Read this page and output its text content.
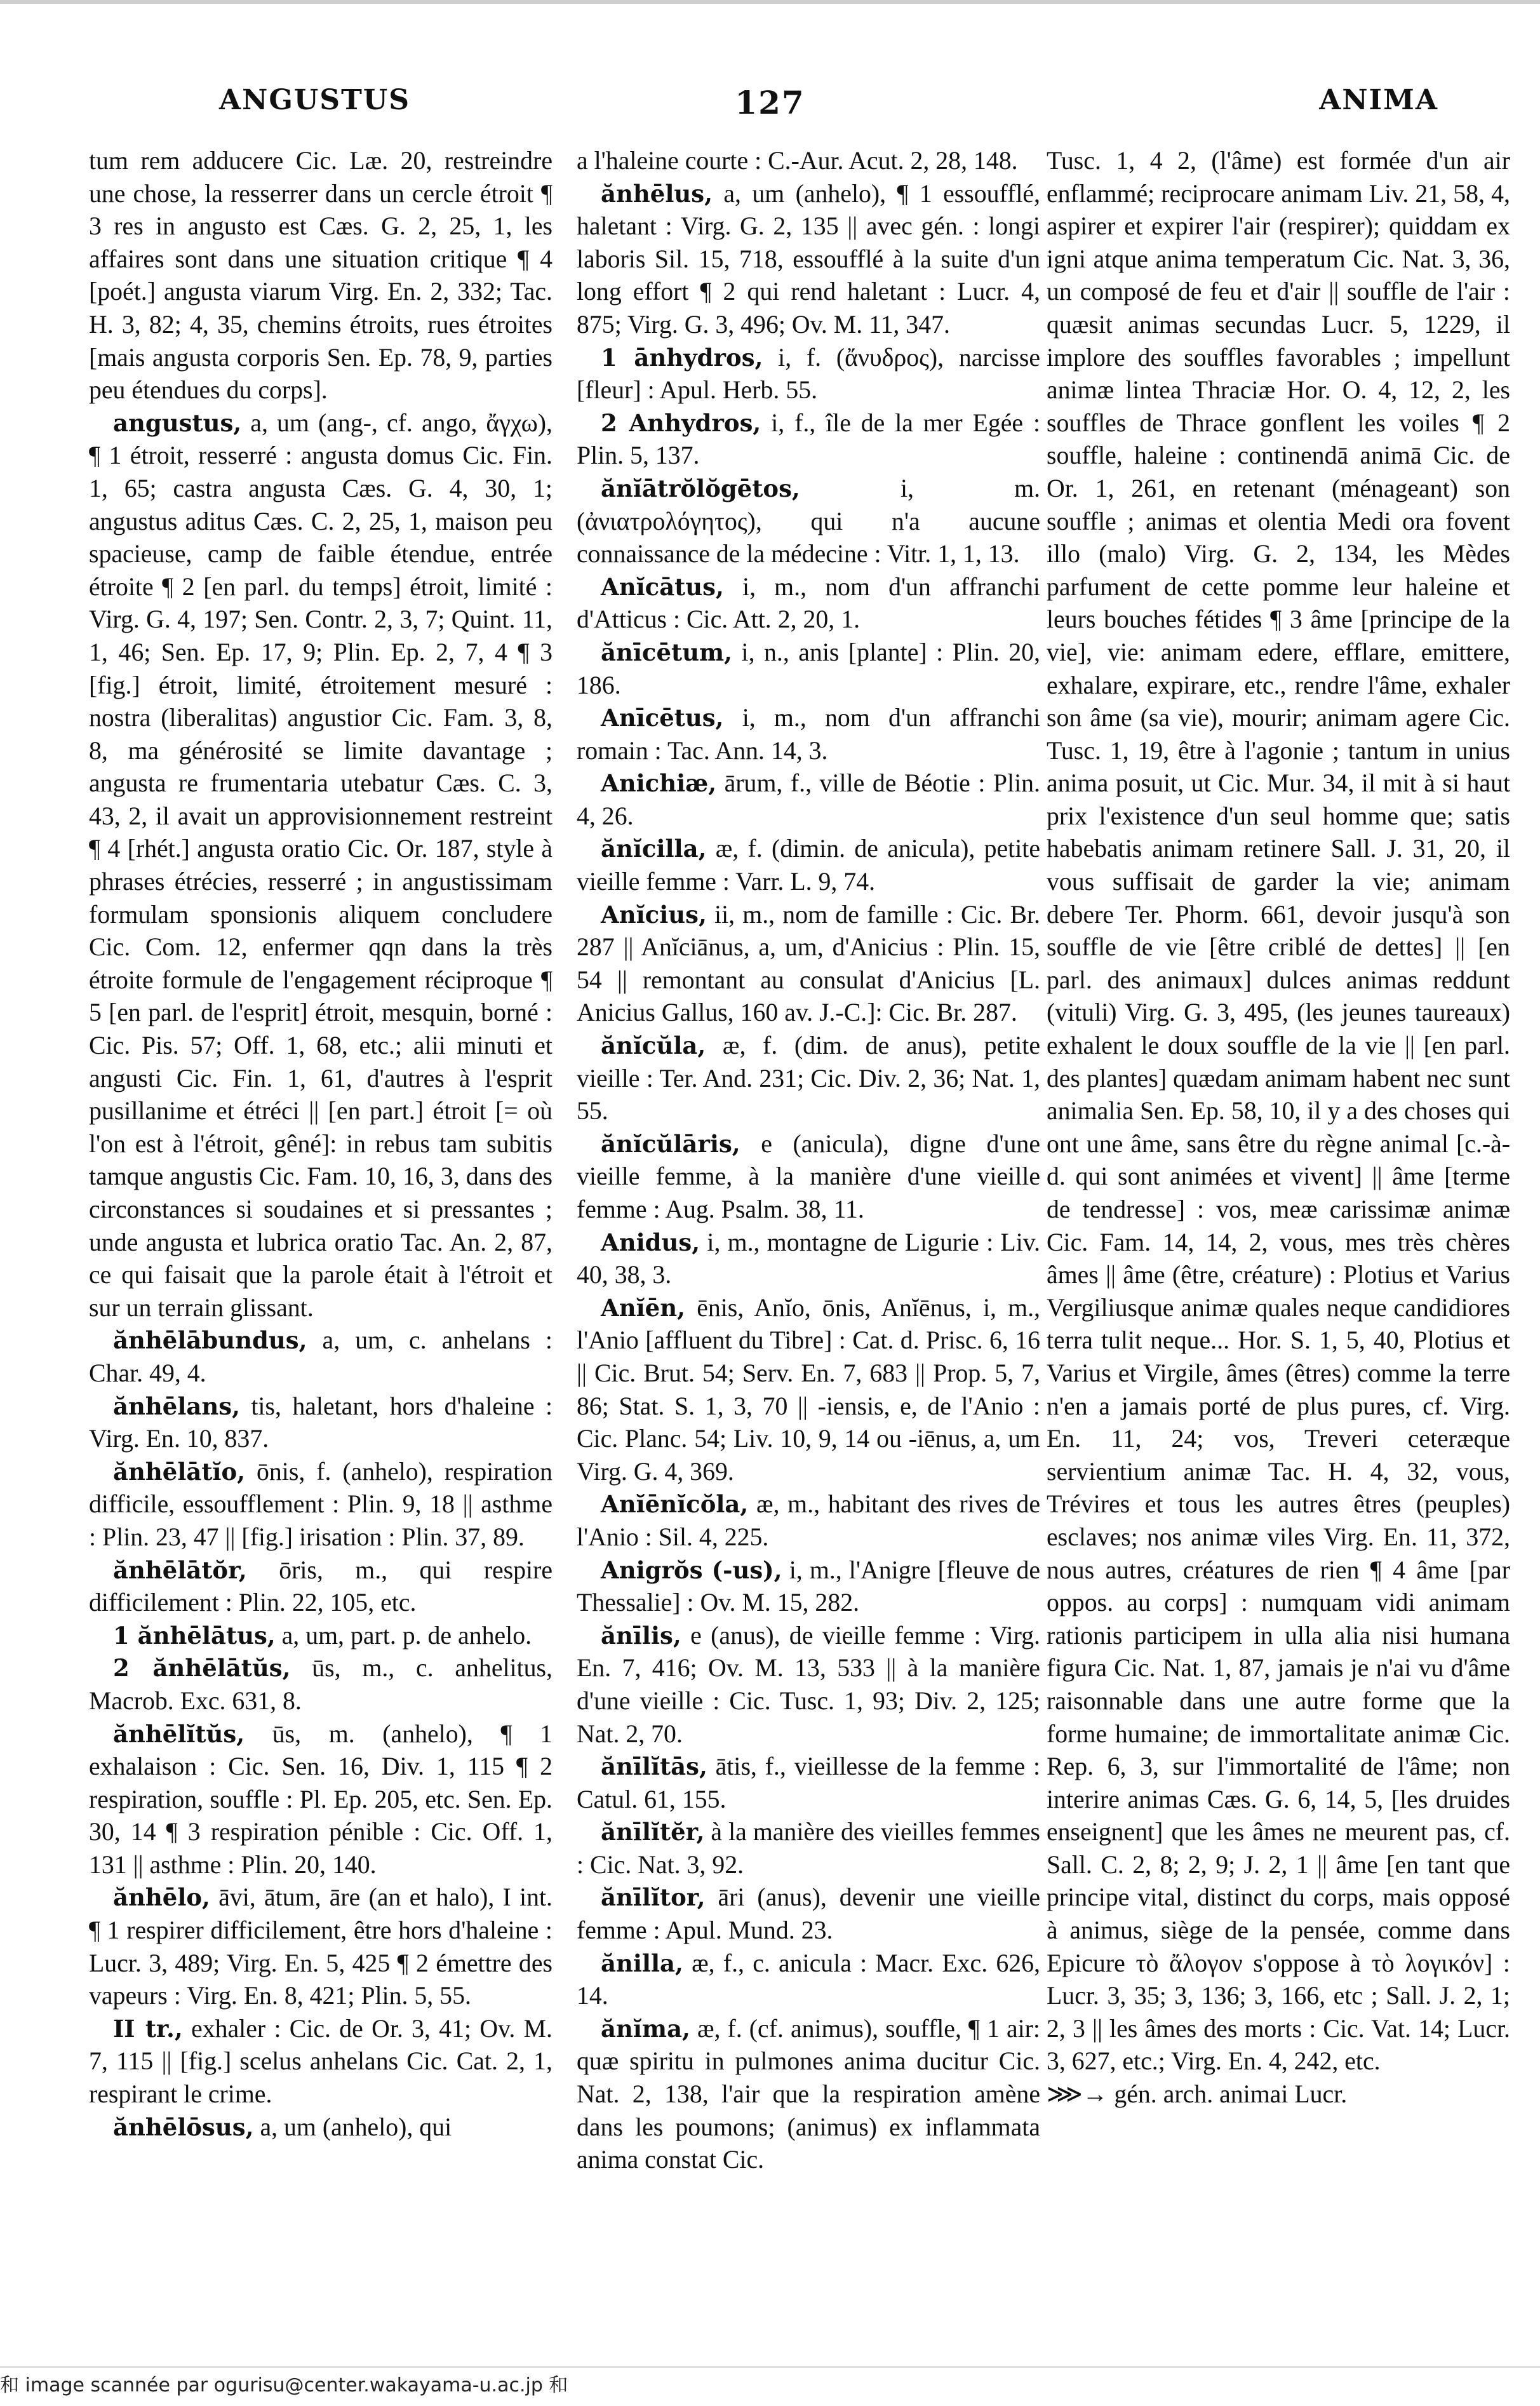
ANGUSTUS	127	ANIMA

tum rem adducere Cic. Læ. 20, restreindre une chose, la resserrer dans un cercle étroit ¶ 3 res in angusto est Cæs. G. 2, 25, 1, les affaires sont dans une situation critique ¶ 4 [poét.] angusta viarum Virg. En. 2, 332; Tac. H. 3, 82; 4, 35, chemins étroits, rues étroites [mais angusta corporis Sen. Ep. 78, 9, parties peu étendues du corps].

angustus, a, um (ang-, cf. ango, ἄγχω), ¶ 1 étroit, resserré : angusta domus Cic. Fin. 1, 65; castra angusta Cæs. G. 4, 30, 1; angustus aditus Cæs. C. 2, 25, 1, maison peu spacieuse, camp de faible étendue, entrée étroite ¶ 2 [en parl. du temps] étroit, limité : Virg. G. 4, 197; Sen. Contr. 2, 3, 7; Quint. 11, 1, 46; Sen. Ep. 17, 9; Plin. Ep. 2, 7, 4 ¶ 3 [fig.] étroit, limité, étroitement mesuré : nostra (liberalitas) angustior Cic. Fam. 3, 8, 8, ma générosité se limite davantage ; angusta re frumentaria utebatur Cæs. C. 3, 43, 2, il avait un approvisionnement restreint ¶ 4 [rhét.] angusta oratio Cic. Or. 187, style à phrases étrécies, resserré ; in angustissimam formulam sponsionis aliquem concludere Cic. Com. 12, enfermer qqn dans la très étroite formule de l'engagement réciproque ¶ 5 [en parl. de l'esprit] étroit, mesquin, borné : Cic. Pis. 57; Off. 1, 68, etc.; alii minuti et angusti Cic. Fin. 1, 61, d'autres à l'esprit pusillanime et étréci || [en part.] étroit [= où l'on est à l'étroit, gêné]: in rebus tam subitis tamque angustis Cic. Fam. 10, 16, 3, dans des circonstances si soudaines et si pressantes ; unde angusta et lubrica oratio Tac. An. 2, 87, ce qui faisait que la parole était à l'étroit et sur un terrain glissant.

ănhēlābundus, a, um, c. anhelans : Char. 49, 4.

ănhēlans, tis, haletant, hors d'haleine : Virg. En. 10, 837.

ănhēlātĭo, ōnis, f. (anhelo), respiration difficile, essoufflement : Plin. 9, 18 || asthme : Plin. 23, 47 || [fig.] irisation : Plin. 37, 89.

ănhēlātŏr, ōris, m., qui respire difficilement : Plin. 22, 105, etc.

1 ănhēlātus, a, um, part. p. de anhelo.

2 ănhēlātŭs, ūs, m., c. anhelitus, Macrob. Exc. 631, 8.

ănhēlĭtŭs, ūs, m. (anhelo), ¶ 1 exhalaison : Cic. Sen. 16, Div. 1, 115 ¶ 2 respiration, souffle : Pl. Ep. 205, etc. Sen. Ep. 30, 14 ¶ 3 respiration pénible : Cic. Off. 1, 131 || asthme : Plin. 20, 140.

ănhēlo, āvi, ātum, āre (an et halo), I int. ¶ 1 respirer difficilement, être hors d'haleine : Lucr. 3, 489; Virg. En. 5, 425 ¶ 2 émettre des vapeurs : Virg. En. 8, 421; Plin. 5, 55.

II tr., exhaler : Cic. de Or. 3, 41; Ov. M. 7, 115 || [fig.] scelus anhelans Cic. Cat. 2, 1, respirant le crime.

ănhēlōsus, a, um (anhelo), qui

a l'haleine courte : C.-Aur. Acut. 2, 28, 148.

ănhēlus, a, um (anhelo), ¶ 1 essoufflé, haletant : Virg. G. 2, 135 || avec gén. : longi laboris Sil. 15, 718, essoufflé à la suite d'un long effort ¶ 2 qui rend haletant : Lucr. 4, 875; Virg. G. 3, 496; Ov. M. 11, 347.

1 ānhydros, i, f. (ἄνυδρος), narcisse [fleur] : Apul. Herb. 55.

2 Anhydros, i, f., île de la mer Egée : Plin. 5, 137.

ănĭātrŏlŏgētos,	i, m. (ἀνιατρολόγητος), qui n'a aucune connaissance de la médecine : Vitr. 1, 1, 13.

Anĭcātus, i, m., nom d'un affranchi d'Atticus : Cic. Att. 2, 20, 1.

ănīcētum, i, n., anis [plante] : Plin. 20, 186.

Anīcētus, i, m., nom d'un affranchi romain : Tac. Ann. 14, 3.

Anichiæ, ārum, f., ville de Béotie : Plin. 4, 26.

ănĭcilla, æ, f. (dimin. de anicula), petite vieille femme : Varr. L. 9, 74.

Anĭcius, ii, m., nom de famille : Cic. Br. 287 || Anĭciānus, a, um, d'Anicius : Plin. 15, 54 || remontant au consulat d'Anicius [L. Anicius Gallus, 160 av. J.-C.]: Cic. Br. 287.

ănĭcŭla, æ, f. (dim. de anus), petite vieille : Ter. And. 231; Cic. Div. 2, 36; Nat. 1, 55.

ănĭcŭlāris, e (anicula), digne d'une vieille femme, à la manière d'une vieille femme : Aug. Psalm. 38, 11.

Anidus, i, m., montagne de Ligurie : Liv. 40, 38, 3.

Anĭēn, ēnis, Anĭo, ōnis, Anĭēnus, i, m., l'Anio [affluent du Tibre] : Cat. d. Prisc. 6, 16 || Cic. Brut. 54; Serv. En. 7, 683 || Prop. 5, 7, 86; Stat. S. 1, 3, 70 || -iensis, e, de l'Anio : Cic. Planc. 54; Liv. 10, 9, 14 ou -iēnus, a, um Virg. G. 4, 369.

Anĭēnĭcŏla, æ, m., habitant des rives de l'Anio : Sil. 4, 225.

Anigrŏs (-us), i, m., l'Anigre [fleuve de Thessalie] : Ov. M. 15, 282.

ănīlis, e (anus), de vieille femme : Virg. En. 7, 416; Ov. M. 13, 533 || à la manière d'une vieille : Cic. Tusc. 1, 93; Div. 2, 125; Nat. 2, 70.

ănīlĭtās, ātis, f., vieillesse de la femme : Catul. 61, 155.

ănīlĭtĕr, à la manière des vieilles femmes : Cic. Nat. 3, 92.

ănīlĭtor, āri (anus), devenir une vieille femme : Apul. Mund. 23.

ănilla, æ, f., c. anicula : Macr. Exc. 626, 14.

ănĭma, æ, f. (cf. animus), souffle, ¶ 1 air: quæ spiritu in pulmones anima ducitur Cic. Nat. 2, 138, l'air que la respiration amène dans les poumons; (animus) ex inflammata anima constat Cic.

Tusc. 1, 4 2, (l'âme) est formée d'un air enflammé; reciprocare animam Liv. 21, 58, 4, aspirer et expirer l'air (respirer); quiddam ex igni atque anima temperatum Cic. Nat. 3, 36, un composé de feu et d'air || souffle de l'air : quæsit animas secundas Lucr. 5, 1229, il implore des souffles favorables ; impellunt animæ lintea Thraciæ Hor. O. 4, 12, 2, les souffles de Thrace gonflent les voiles ¶ 2 souffle, haleine : continendā animā Cic. de Or. 1, 261, en retenant (ménageant) son souffle ; animas et olentia Medi ora fovent illo (malo) Virg. G. 2, 134, les Mèdes parfument de cette pomme leur haleine et leurs bouches fétides ¶ 3 âme [principe de la vie], vie: animam edere, efflare, emittere, exhalare, expirare, etc., rendre l'âme, exhaler son âme (sa vie), mourir; animam agere Cic. Tusc. 1, 19, être à l'agonie ; tantum in unius anima posuit, ut Cic. Mur. 34, il mit à si haut prix l'existence d'un seul homme que; satis habebatis animam retinere Sall. J. 31, 20, il vous suffisait de garder la vie; animam debere Ter. Phorm. 661, devoir jusqu'à son souffle de vie [être criblé de dettes] || [en parl. des animaux] dulces animas reddunt (vituli) Virg. G. 3, 495, (les jeunes taureaux) exhalent le doux souffle de la vie || [en parl. des plantes] quædam animam habent nec sunt animalia Sen. Ep. 58, 10, il y a des choses qui ont une âme, sans être du règne animal [c.-à-d. qui sont animées et vivent] || âme [terme de tendresse] : vos, meæ carissimæ animæ Cic. Fam. 14, 14, 2, vous, mes très chères âmes || âme (être, créature) : Plotius et Varius Vergiliusque animæ quales neque candidiores terra tulit neque... Hor. S. 1, 5, 40, Plotius et Varius et Virgile, âmes (êtres) comme la terre n'en a jamais porté de plus pures, cf. Virg. En. 11, 24; vos, Treveri ceteræque servientium animæ Tac. H. 4, 32, vous, Trévires et tous les autres êtres (peuples) esclaves; nos animæ viles Virg. En. 11, 372, nous autres, créatures de rien ¶ 4 âme [par oppos. au corps] : numquam vidi animam rationis participem in ulla alia nisi humana figura Cic. Nat. 1, 87, jamais je n'ai vu d'âme raisonnable dans une autre forme que la forme humaine; de immortalitate animæ Cic. Rep. 6, 3, sur l'immortalité de l'âme; non interire animas Cæs. G. 6, 14, 5, [les druides enseignent] que les âmes ne meurent pas, cf. Sall. C. 2, 8; 2, 9; J. 2, 1 || âme [en tant que principe vital, distinct du corps, mais opposé à animus, siège de la pensée, comme dans Epicure τὸ ἄλογον s'oppose à τὸ λογικόν] : Lucr. 3, 35; 3, 136; 3, 166, etc ; Sall. J. 2, 1; 2, 3 || les âmes des morts : Cic. Vat. 14; Lucr. 3, 627, etc.; Virg. En. 4, 242, etc.

⋙→ gén. arch. animai Lucr.

和 image scannée par ogurisu@center.wakayama-u.ac.jp 和
